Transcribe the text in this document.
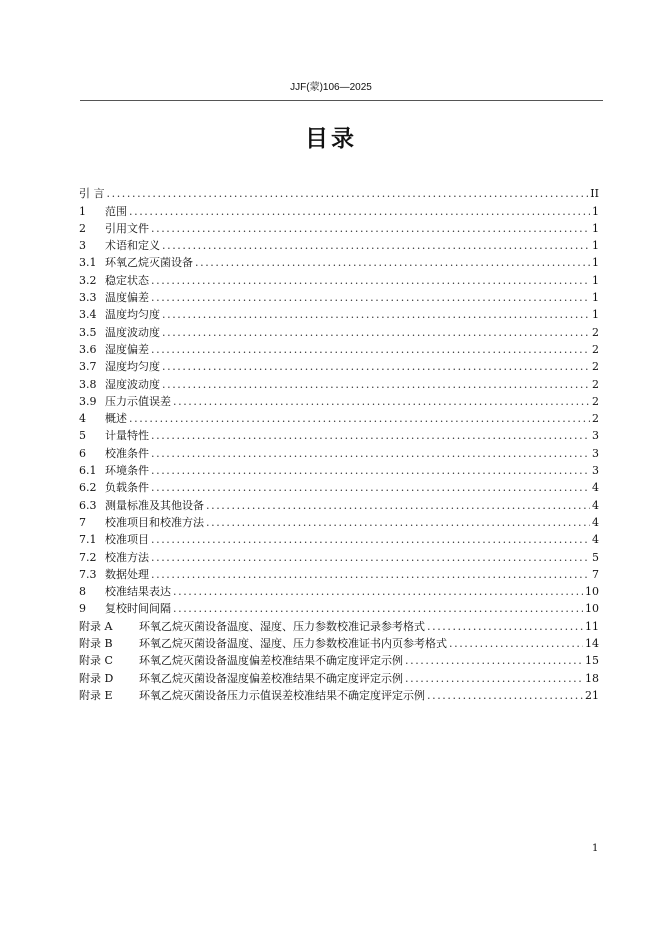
JJF(蒙)106—2025
目录
引 言 .....	II
1	范围 .....	1
2	引用文件 .....	1
3	术语和定义 .....	1
3.1 环氧乙烷灭菌设备 .....	1
3.2 稳定状态 .....	1
3.3 温度偏差 .....	1
3.4 温度均匀度 .....	1
3.5 温度波动度 .....	2
3.6 湿度偏差 .....	2
3.7 湿度均匀度 .....	2
3.8 湿度波动度 .....	2
3.9 压力示值误差 .....	2
4	概述 .....	2
5	计量特性 .....	3
6	校准条件 .....	3
6.1 环境条件 .....	3
6.2 负载条件 .....	4
6.3 测量标准及其他设备 .....	4
7	校准项目和校准方法 .....	4
7.1 校准项目 .....	4
7.2 校准方法 .....	5
7.3 数据处理 .....	7
8	校准结果表达 .....	10
9	复校时间间隔 .....	10
附录 A	环氧乙烷灭菌设备温度、湿度、压力参数校准记录参考格式 .....	11
附录 B	环氧乙烷灭菌设备温度、湿度、压力参数校准证书内页参考格式 .....	14
附录 C	环氧乙烷灭菌设备温度偏差校准结果不确定度评定示例 .....	15
附录 D	环氧乙烷灭菌设备湿度偏差校准结果不确定度评定示例 .....	18
附录 E	环氧乙烷灭菌设备压力示值误差校准结果不确定度评定示例 .....	21
1
